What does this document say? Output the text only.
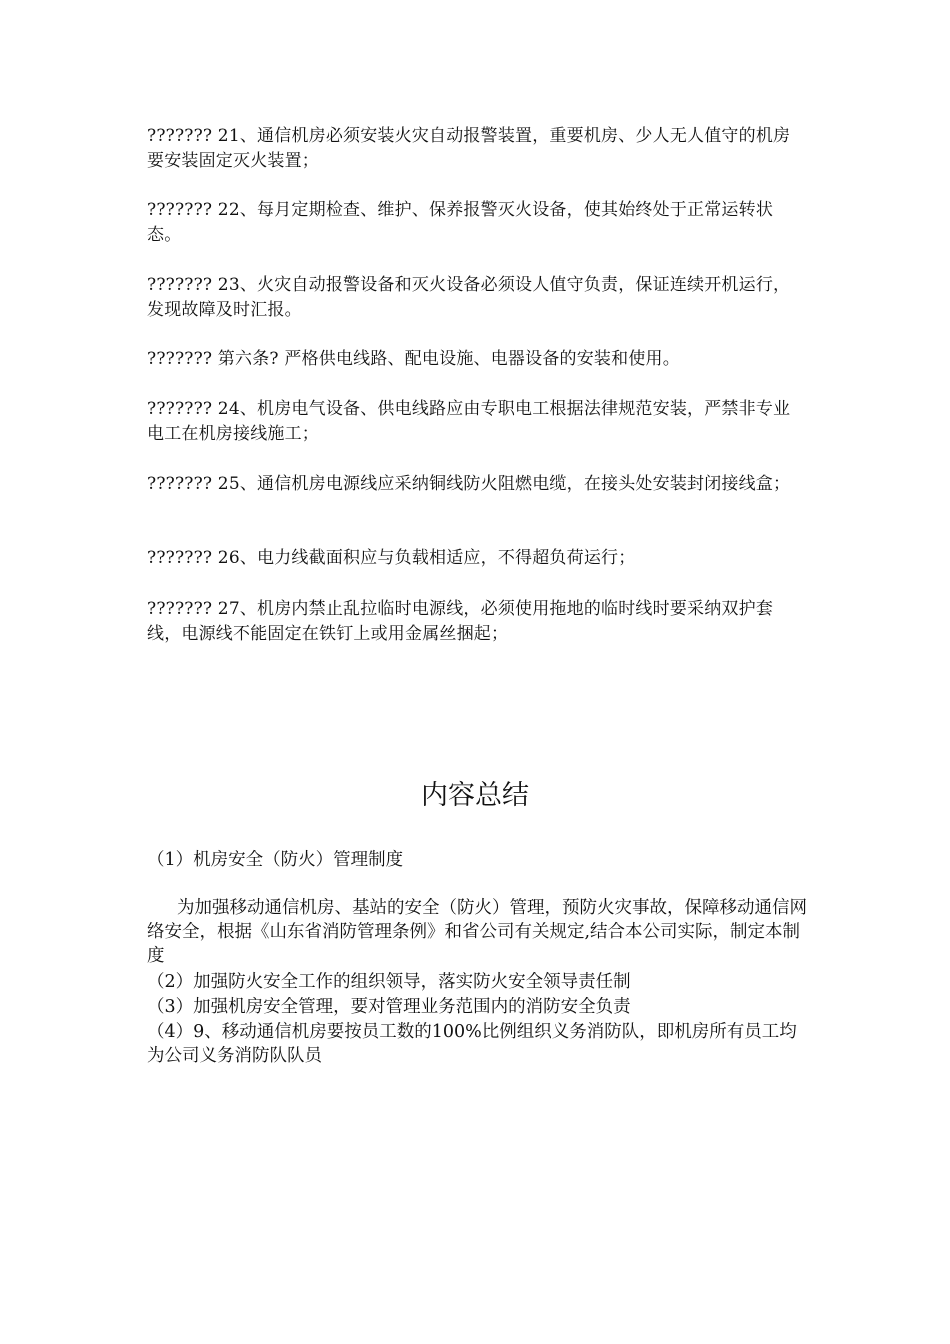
??????? 21、通信机房必须安装火灾自动报警装置，重要机房、少人无人值守的机房要安装固定灭火装置；

??????? 22、每月定期检查、维护、保养报警灭火设备，使其始终处于正常运转状态。

??????? 23、火灾自动报警设备和灭火设备必须设人值守负责，保证连续开机运行，发现故障及时汇报。

??????? 第六条? 严格供电线路、配电设施、电器设备的安装和使用。

??????? 24、机房电气设备、供电线路应由专职电工根据法律规范安装，严禁非专业电工在机房接线施工；

??????? 25、通信机房电源线应采纳铜线防火阻燃电缆，在接头处安装封闭接线盒；

??????? 26、电力线截面积应与负载相适应，不得超负荷运行；

??????? 27、机房内禁止乱拉临时电源线，必须使用拖地的临时线时要采纳双护套线，电源线不能固定在铁钉上或用金属丝捆起；

内容总结

（1）机房安全（防火）管理制度

为加强移动通信机房、基站的安全（防火）管理，预防火灾事故，保障移动通信网络安全，根据《山东省消防管理条例》和省公司有关规定,结合本公司实际，制定本制度

（2）加强防火安全工作的组织领导，落实防火安全领导责任制

（3）加强机房安全管理，要对管理业务范围内的消防安全负责

（4）9、移动通信机房要按员工数的100%比例组织义务消防队，即机房所有员工均为公司义务消防队队员
